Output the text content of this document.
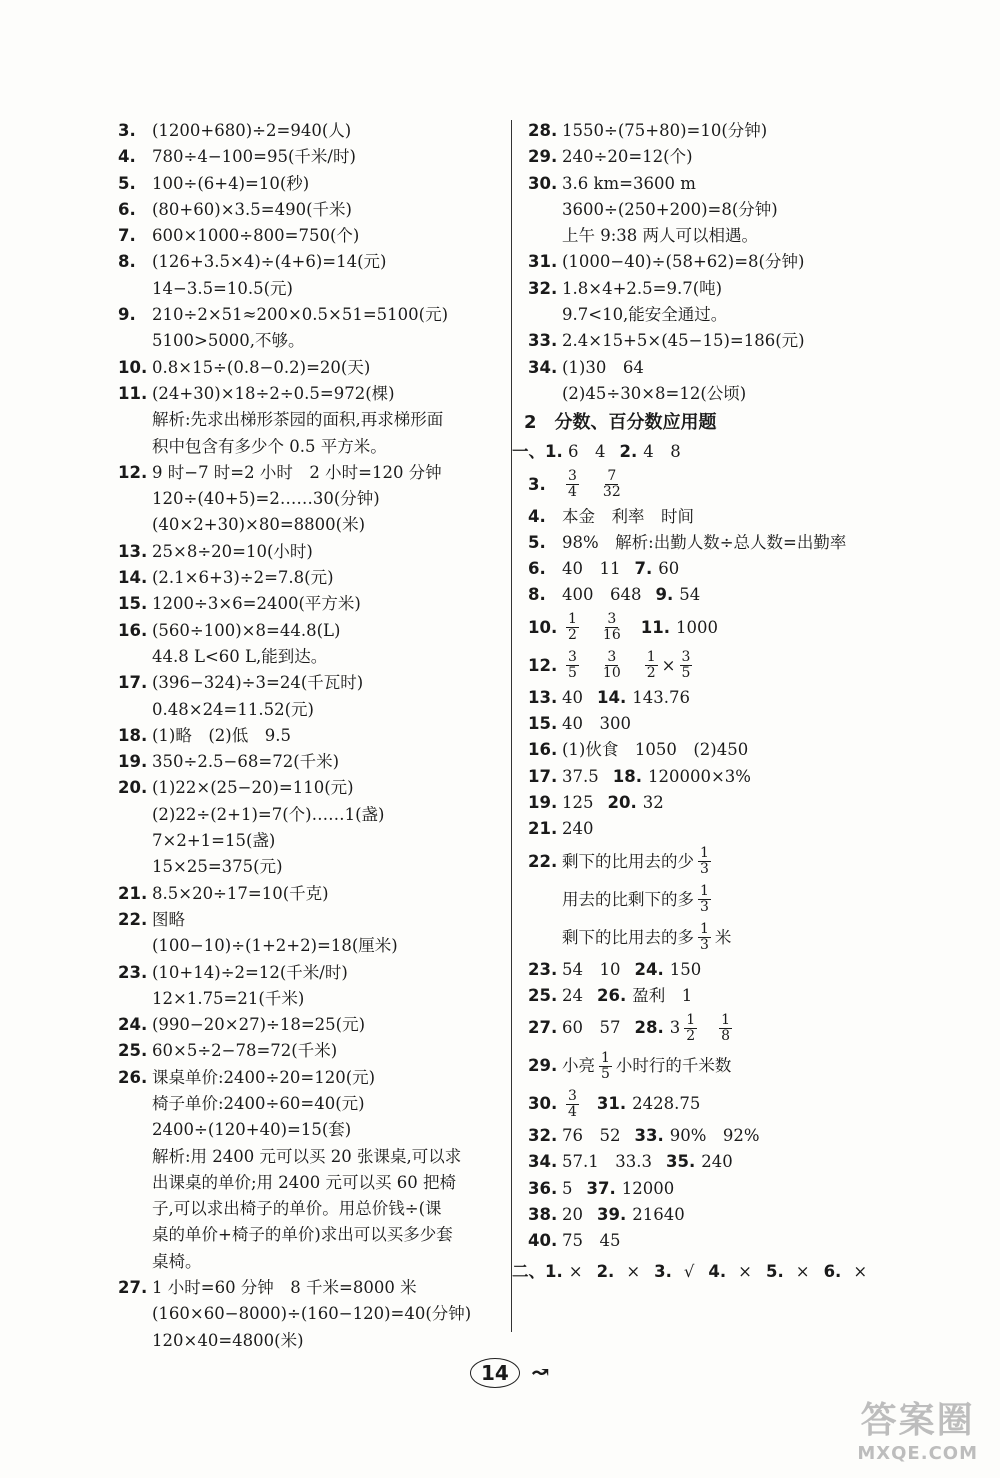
3. (1200+680)÷2=940(人)
4. 780÷4−100=95(千米/时)
5. 100÷(6+4)=10(秒)
6. (80+60)×3.5=490(千米)
7. 600×1000÷800=750(个)
8. (126+3.5×4)÷(4+6)=14(元)
14−3.5=10.5(元)
9. 210÷2×51≈200×0.5×51=5100(元)
5100>5000,不够。
10. 0.8×15÷(0.8−0.2)=20(天)
11. (24+30)×18÷2÷0.5=972(棵)
解析:先求出梯形茶园的面积,再求梯形面
积中包含有多少个 0.5 平方米。
12. 9 时−7 时=2 小时　2 小时=120 分钟
120÷(40+5)=2……30(分钟)
(40×2+30)×80=8800(米)
13. 25×8÷20=10(小时)
14. (2.1×6+3)÷2=7.8(元)
15. 1200÷3×6=2400(平方米)
16. (560÷100)×8=44.8(L)
44.8 L<60 L,能到达。
17. (396−324)÷3=24(千瓦时)
0.48×24=11.52(元)
18. (1)略　(2)低　9.5
19. 350÷2.5−68=72(千米)
20. (1)22×(25−20)=110(元)
(2)22÷(2+1)=7(个)……1(盏)
7×2+1=15(盏)
15×25=375(元)
21. 8.5×20÷17=10(千克)
22. 图略
(100−10)÷(1+2+2)=18(厘米)
23. (10+14)÷2=12(千米/时)
12×1.75=21(千米)
24. (990−20×27)÷18=25(元)
25. 60×5÷2−78=72(千米)
26. 课桌单价:2400÷20=120(元)
椅子单价:2400÷60=40(元)
2400÷(120+40)=15(套)
解析:用 2400 元可以买 20 张课桌,可以求
出课桌的单价;用 2400 元可以买 60 把椅
子,可以求出椅子的单价。用总价钱÷(课
桌的单价+椅子的单价)求出可以买多少套
桌椅。
27. 1 小时=60 分钟　8 千米=8000 米
(160×60−8000)÷(160−120)=40(分钟)
120×40=4800(米)
28. 1550÷(75+80)=10(分钟)
29. 240÷20=12(个)
30. 3.6 km=3600 m
3600÷(250+200)=8(分钟)
上午 9:38 两人可以相遇。
31. (1000−40)÷(58+62)=8(分钟)
32. 1.8×4+2.5=9.7(吨)
9.7<10,能安全通过。
33. 2.4×15+5×(45−15)=186(元)
34. (1)30　64
(2)45÷30×8=12(公顷)
2　分数、百分数应用题
一、 1.
6　4 2. 4　8
3.	$\frac{3}{4} \frac{7}{32}$
4. 本金　利率　时间
5. 98%　解析:出勤人数÷总人数=出勤率
6. 40　11 7. 60
8. 400　648 9. 54
10. $\frac{1}{2} \frac{3}{16} 11$. 1000
12. $\frac{3}{5} \frac{3}{10} \frac{1}{2} \times \frac{3}{5}$
13. 40 14. 143.76
15. 40　300
16. (1)伙食　1050　(2)450
17. 37.5 18. 120000×3%
19. 125 20. 32
21. 240
22. 剩下的比用去的少 $\frac{1}{3}$
用去的比剩下的多 $\frac{1}{3}$
剩下的比用去的多 $\frac{1}{3}$ 米
23. 54　10 24. 150
25. 24 26. 盈利　1
27. 60　57 28. $3 \frac{1}{2} \frac{1}{8}$
29. 小亮 $\frac{1}{5}$ 小时行的千米数
30. $\frac{3}{4} 31$. 2428.75
32. 76　52 33. 90%　92%
34. 57.1　33.3 35. 240
36. 5 37. 12000
38. 20 39. 21640
40. 75　45
二、 1. × 2. × 3. √ 4. × 5. × 6. ×
14 ↝
答案圈
MXQE.COM
